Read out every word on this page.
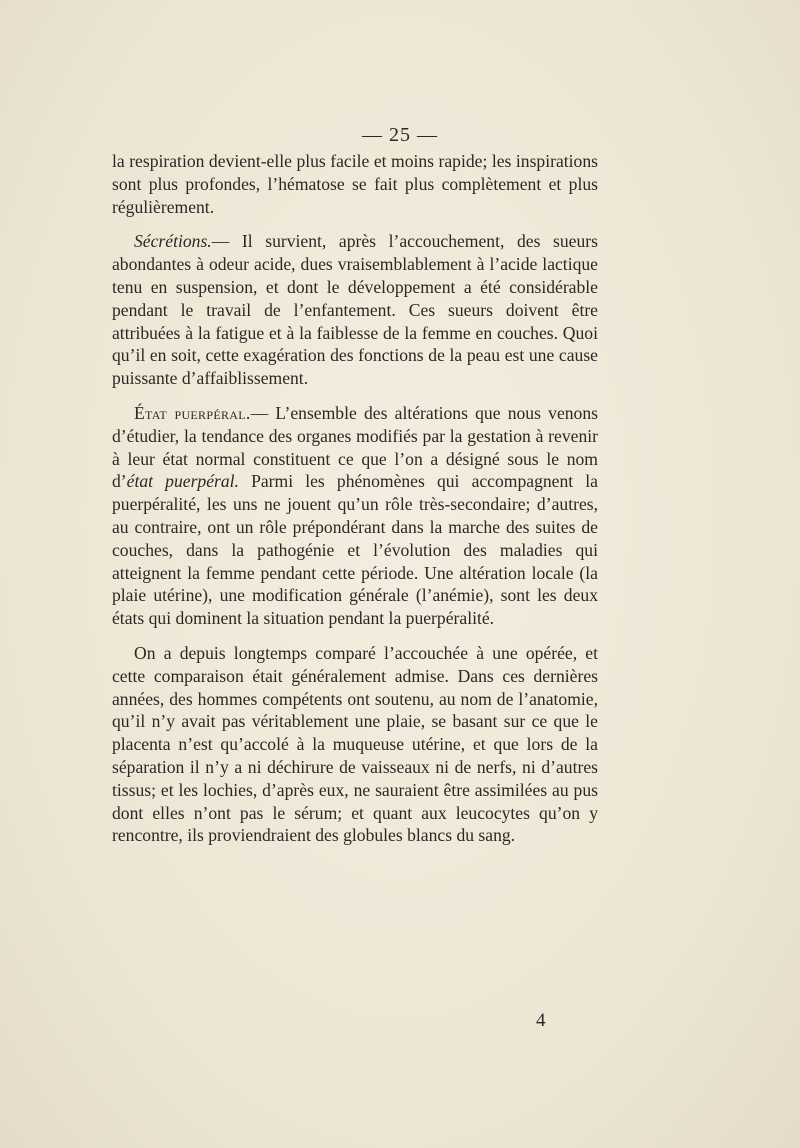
— 25 —

la respiration devient-elle plus facile et moins rapide; les inspirations sont plus profondes, l’hématose se fait plus complètement et plus régulièrement.

Sécrétions.— Il survient, après l’accouchement, des sueurs abondantes à odeur acide, dues vraisemblablement à l’acide lactique tenu en suspension, et dont le développement a été considérable pendant le travail de l’enfantement. Ces sueurs doivent être attribuées à la fatigue et à la faiblesse de la femme en couches. Quoi qu’il en soit, cette exagération des fonctions de la peau est une cause puissante d’affaiblissement.

État puerpéral.— L’ensemble des altérations que nous venons d’étudier, la tendance des organes modifiés par la gestation à revenir à leur état normal constituent ce que l’on a désigné sous le nom d’état puerpéral. Parmi les phénomènes qui accompagnent la puerpéralité, les uns ne jouent qu’un rôle très-secondaire; d’autres, au contraire, ont un rôle prépondérant dans la marche des suites de couches, dans la pathogénie et l’évolution des maladies qui atteignent la femme pendant cette période. Une altération locale (la plaie utérine), une modification générale (l’anémie), sont les deux états qui dominent la situation pendant la puerpéralité.

On a depuis longtemps comparé l’accouchée à une opérée, et cette comparaison était généralement admise. Dans ces dernières années, des hommes compétents ont soutenu, au nom de l’anatomie, qu’il n’y avait pas véritablement une plaie, se basant sur ce que le placenta n’est qu’accolé à la muqueuse utérine, et que lors de la séparation il n’y a ni déchirure de vaisseaux ni de nerfs, ni d’autres tissus; et les lochies, d’après eux, ne sauraient être assimilées au pus dont elles n’ont pas le sérum; et quant aux leucocytes qu’on y rencontre, ils proviendraient des globules blancs du sang.

4
